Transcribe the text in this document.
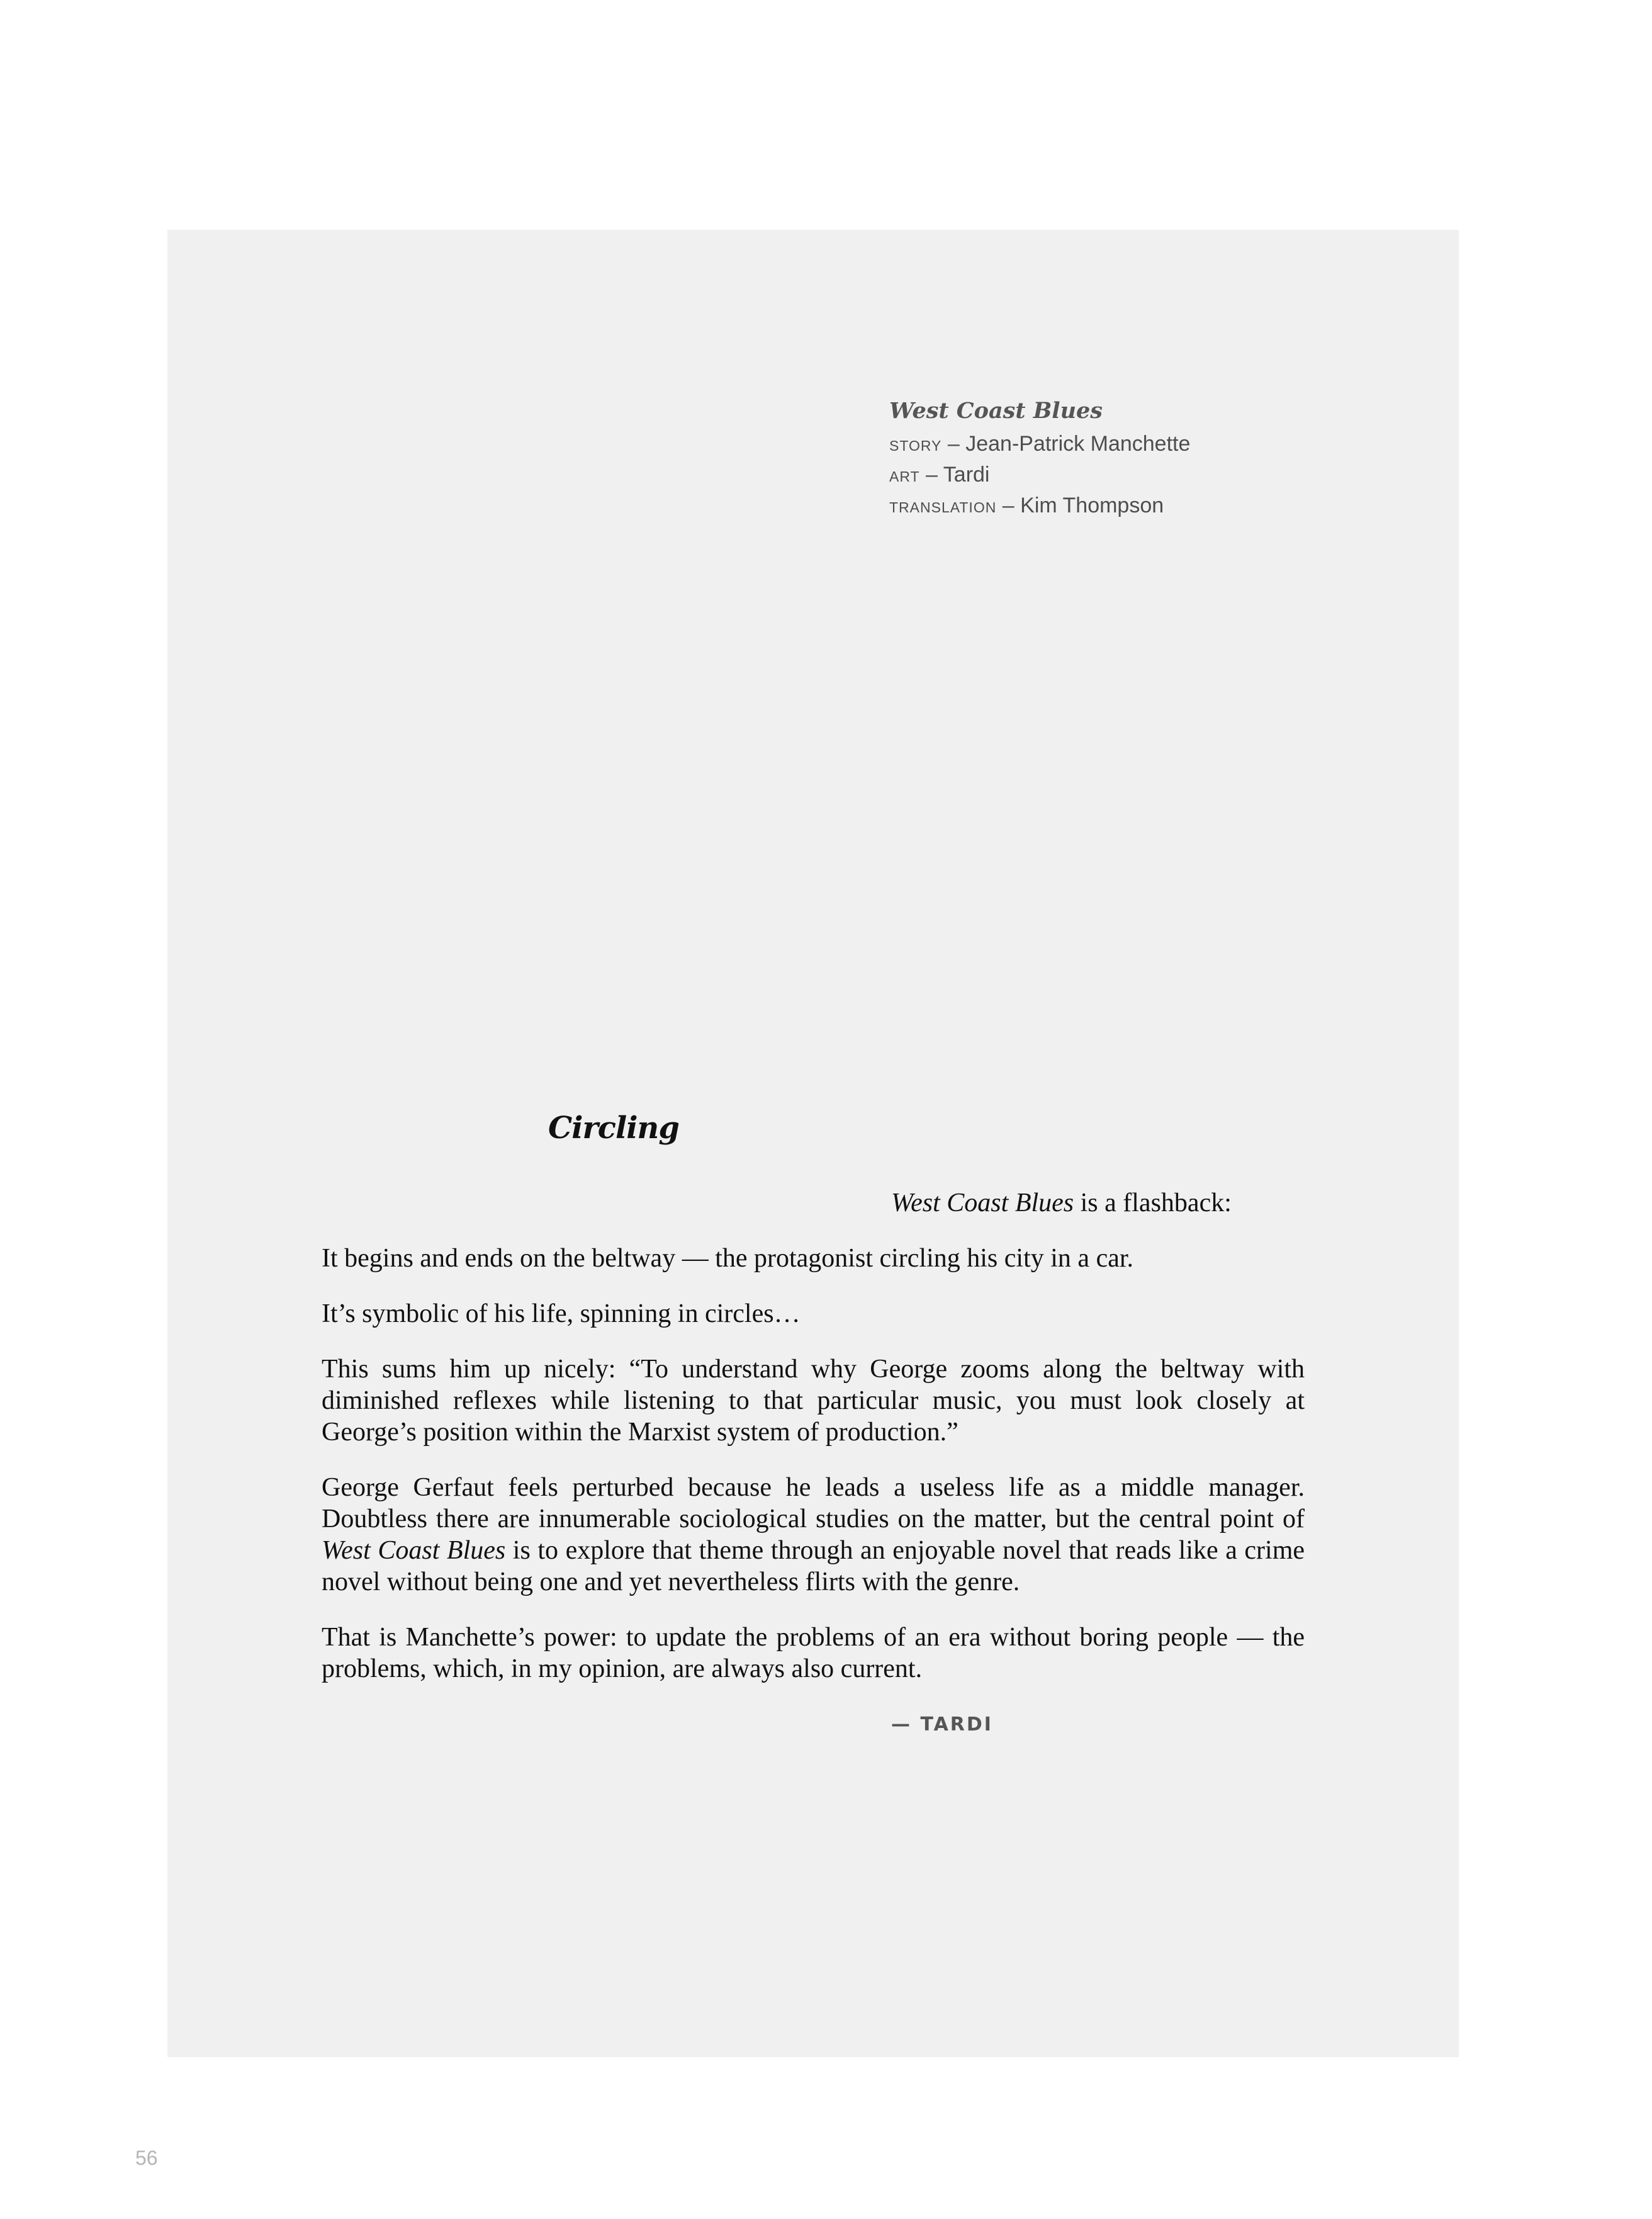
West Coast Blues
STORY – Jean-Patrick Manchette
ART – Tardi
TRANSLATION – Kim Thompson
Circling

West Coast Blues is a flashback:

It begins and ends on the beltway — the protagonist circling his city in a car.

It’s symbolic of his life, spinning in circles…

This sums him up nicely: “To understand why George zooms along the beltway with diminished reflexes while listening to that particular music, you must look closely at George’s position within the Marxist system of production.”

George Gerfaut feels perturbed because he leads a useless life as a middle manager. Doubtless there are innumerable sociological studies on the matter, but the central point of West Coast Blues is to explore that theme through an enjoyable novel that reads like a crime novel without being one and yet nevertheless flirts with the genre.

That is Manchette’s power: to update the problems of an era without boring people — the problems, which, in my opinion, are always also current.

— TARDI
56
